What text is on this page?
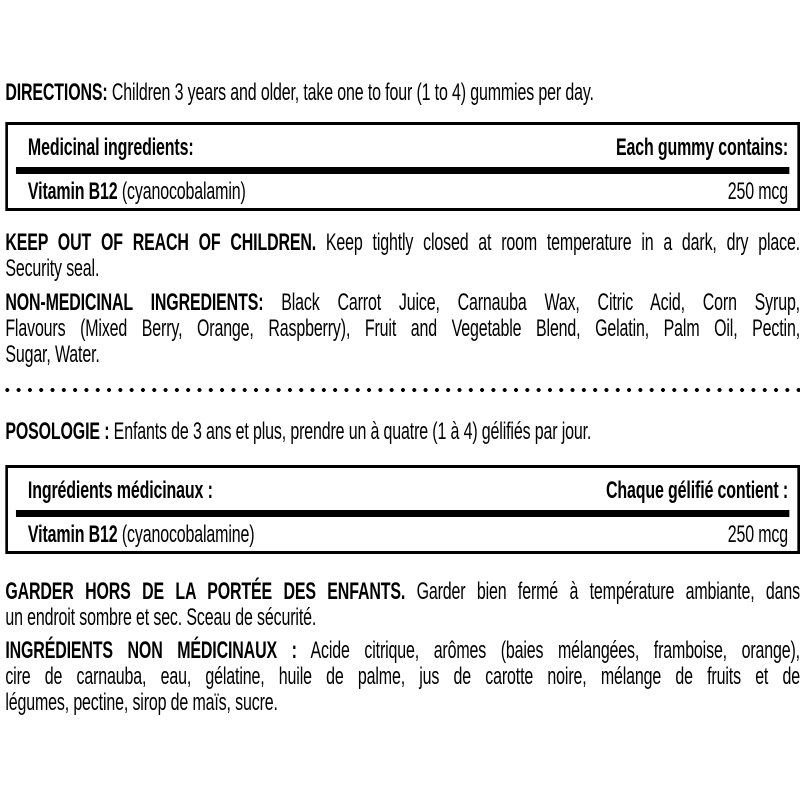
DIRECTIONS: Children 3 years and older, take one to four (1 to 4) gummies per day.
Medicinal ingredients:	Each gummy contains:
Vitamin B12 (cyanocobalamin)	250 mcg
KEEP OUT OF REACH OF CHILDREN. Keep tightly closed at room temperature in a dark, dry place.
Security seal.
NON-MEDICINAL INGREDIENTS: Black Carrot Juice, Carnauba Wax, Citric Acid, Corn Syrup,
Flavours (Mixed Berry, Orange, Raspberry), Fruit and Vegetable Blend, Gelatin, Palm Oil, Pectin,
Sugar, Water.
POSOLOGIE : Enfants de 3 ans et plus, prendre un à quatre (1 à 4) gélifiés par jour.
Ingrédients médicinaux :	Chaque gélifié contient :
Vitamin B12 (cyanocobalamine)	250 mcg
GARDER HORS DE LA PORTÉE DES ENFANTS. Garder bien fermé à température ambiante, dans
un endroit sombre et sec. Sceau de sécurité.
INGRÉDIENTS NON MÉDICINAUX : Acide citrique, arômes (baies mélangées, framboise, orange),
cire de carnauba, eau, gélatine, huile de palme, jus de carotte noire, mélange de fruits et de
légumes, pectine, sirop de maïs, sucre.
